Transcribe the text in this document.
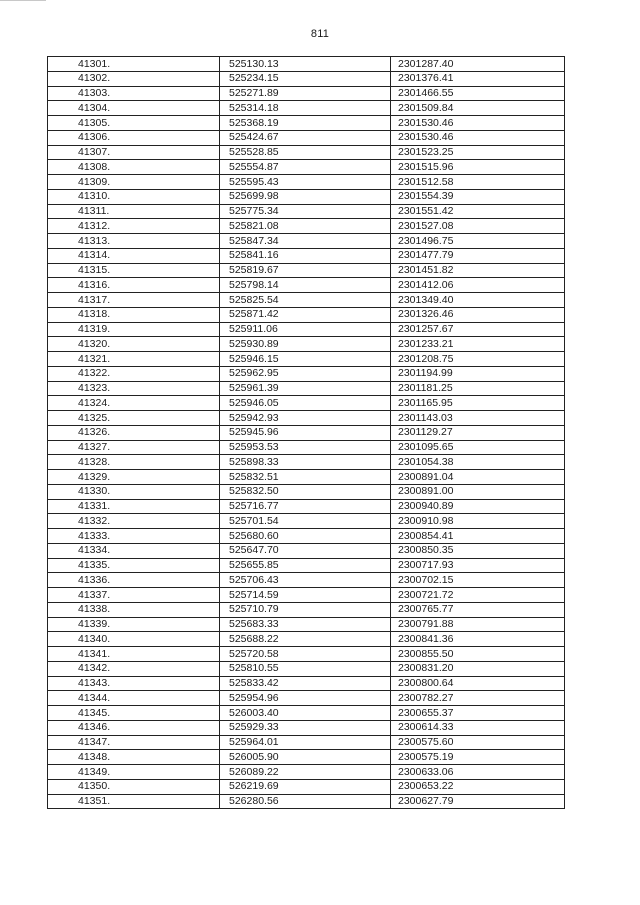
811
41301.	525130.13	2301287.40
41302.	525234.15	2301376.41
41303.	525271.89	2301466.55
41304.	525314.18	2301509.84
41305.	525368.19	2301530.46
41306.	525424.67	2301530.46
41307.	525528.85	2301523.25
41308.	525554.87	2301515.96
41309.	525595.43	2301512.58
41310.	525699.98	2301554.39
41311.	525775.34	2301551.42
41312.	525821.08	2301527.08
41313.	525847.34	2301496.75
41314.	525841.16	2301477.79
41315.	525819.67	2301451.82
41316.	525798.14	2301412.06
41317.	525825.54	2301349.40
41318.	525871.42	2301326.46
41319.	525911.06	2301257.67
41320.	525930.89	2301233.21
41321.	525946.15	2301208.75
41322.	525962.95	2301194.99
41323.	525961.39	2301181.25
41324.	525946.05	2301165.95
41325.	525942.93	2301143.03
41326.	525945.96	2301129.27
41327.	525953.53	2301095.65
41328.	525898.33	2301054.38
41329.	525832.51	2300891.04
41330.	525832.50	2300891.00
41331.	525716.77	2300940.89
41332.	525701.54	2300910.98
41333.	525680.60	2300854.41
41334.	525647.70	2300850.35
41335.	525655.85	2300717.93
41336.	525706.43	2300702.15
41337.	525714.59	2300721.72
41338.	525710.79	2300765.77
41339.	525683.33	2300791.88
41340.	525688.22	2300841.36
41341.	525720.58	2300855.50
41342.	525810.55	2300831.20
41343.	525833.42	2300800.64
41344.	525954.96	2300782.27
41345.	526003.40	2300655.37
41346.	525929.33	2300614.33
41347.	525964.01	2300575.60
41348.	526005.90	2300575.19
41349.	526089.22	2300633.06
41350.	526219.69	2300653.22
41351.	526280.56	2300627.79
